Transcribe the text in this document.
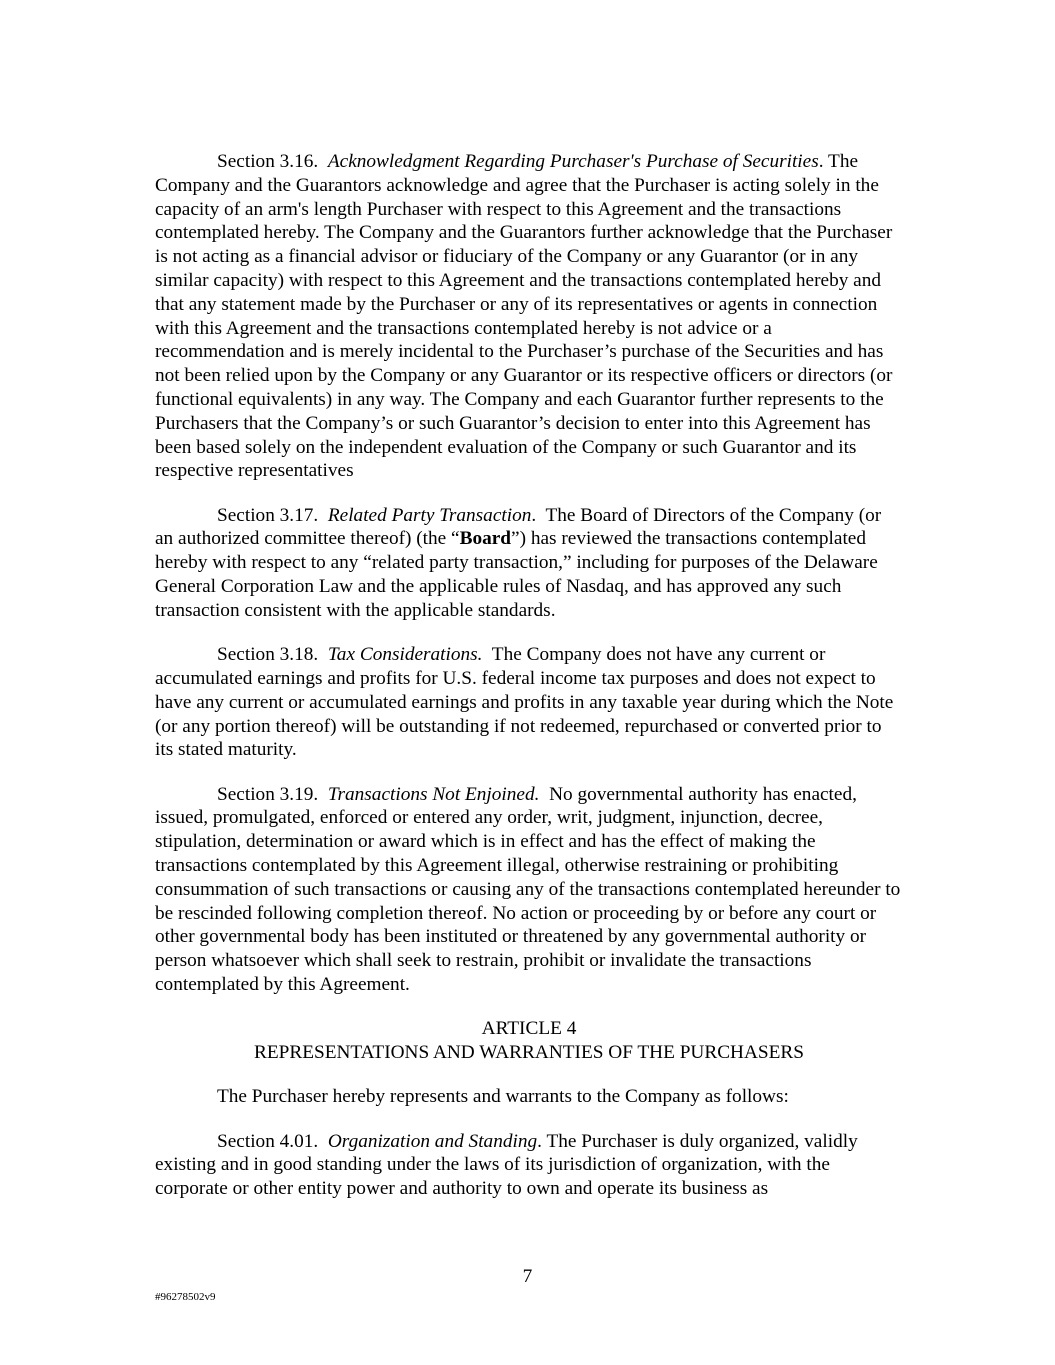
Section 3.16. Acknowledgment Regarding Purchaser's Purchase of Securities. The Company and the Guarantors acknowledge and agree that the Purchaser is acting solely in the capacity of an arm's length Purchaser with respect to this Agreement and the transactions contemplated hereby. The Company and the Guarantors further acknowledge that the Purchaser is not acting as a financial advisor or fiduciary of the Company or any Guarantor (or in any similar capacity) with respect to this Agreement and the transactions contemplated hereby and that any statement made by the Purchaser or any of its representatives or agents in connection with this Agreement and the transactions contemplated hereby is not advice or a recommendation and is merely incidental to the Purchaser’s purchase of the Securities and has not been relied upon by the Company or any Guarantor or its respective officers or directors (or functional equivalents) in any way. The Company and each Guarantor further represents to the Purchasers that the Company’s or such Guarantor’s decision to enter into this Agreement has been based solely on the independent evaluation of the Company or such Guarantor and its respective representatives

Section 3.17. Related Party Transaction. The Board of Directors of the Company (or an authorized committee thereof) (the “Board”) has reviewed the transactions contemplated hereby with respect to any “related party transaction,” including for purposes of the Delaware General Corporation Law and the applicable rules of Nasdaq, and has approved any such transaction consistent with the applicable standards.

Section 3.18. Tax Considerations. The Company does not have any current or accumulated earnings and profits for U.S. federal income tax purposes and does not expect to have any current or accumulated earnings and profits in any taxable year during which the Note (or any portion thereof) will be outstanding if not redeemed, repurchased or converted prior to its stated maturity.

Section 3.19. Transactions Not Enjoined. No governmental authority has enacted, issued, promulgated, enforced or entered any order, writ, judgment, injunction, decree, stipulation, determination or award which is in effect and has the effect of making the transactions contemplated by this Agreement illegal, otherwise restraining or prohibiting consummation of such transactions or causing any of the transactions contemplated hereunder to be rescinded following completion thereof. No action or proceeding by or before any court or other governmental body has been instituted or threatened by any governmental authority or person whatsoever which shall seek to restrain, prohibit or invalidate the transactions contemplated by this Agreement.

ARTICLE 4
REPRESENTATIONS AND WARRANTIES OF THE PURCHASERS

The Purchaser hereby represents and warrants to the Company as follows:

Section 4.01. Organization and Standing. The Purchaser is duly organized, validly existing and in good standing under the laws of its jurisdiction of organization, with the corporate or other entity power and authority to own and operate its business as

7
#96278502v9
